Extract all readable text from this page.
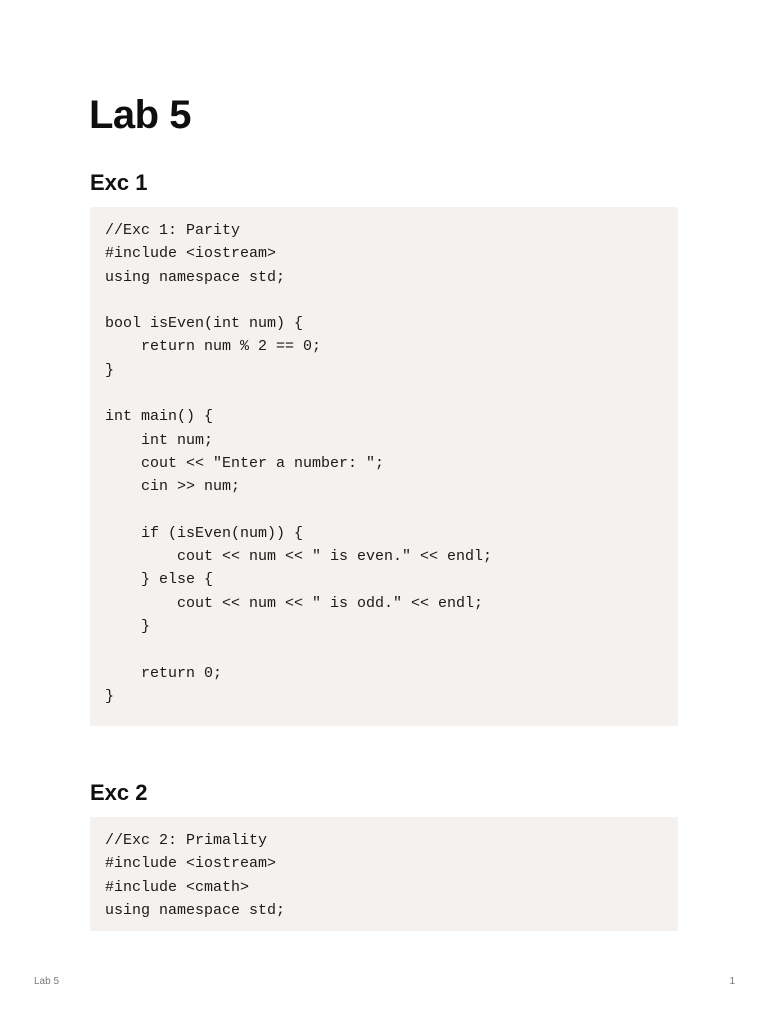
Lab 5
Exc 1
//Exc 1: Parity
#include <iostream>
using namespace std;

bool isEven(int num) {
return num % 2 == 0;
}

int main() {
int num;
cout << "Enter a number: ";
cin >> num;

if (isEven(num)) {
cout << num << " is even." << endl;
} else {
cout << num << " is odd." << endl;
}

return 0;
}
Exc 2
//Exc 2: Primality
#include <iostream>
#include <cmath>
using namespace std;
Lab 5	1
